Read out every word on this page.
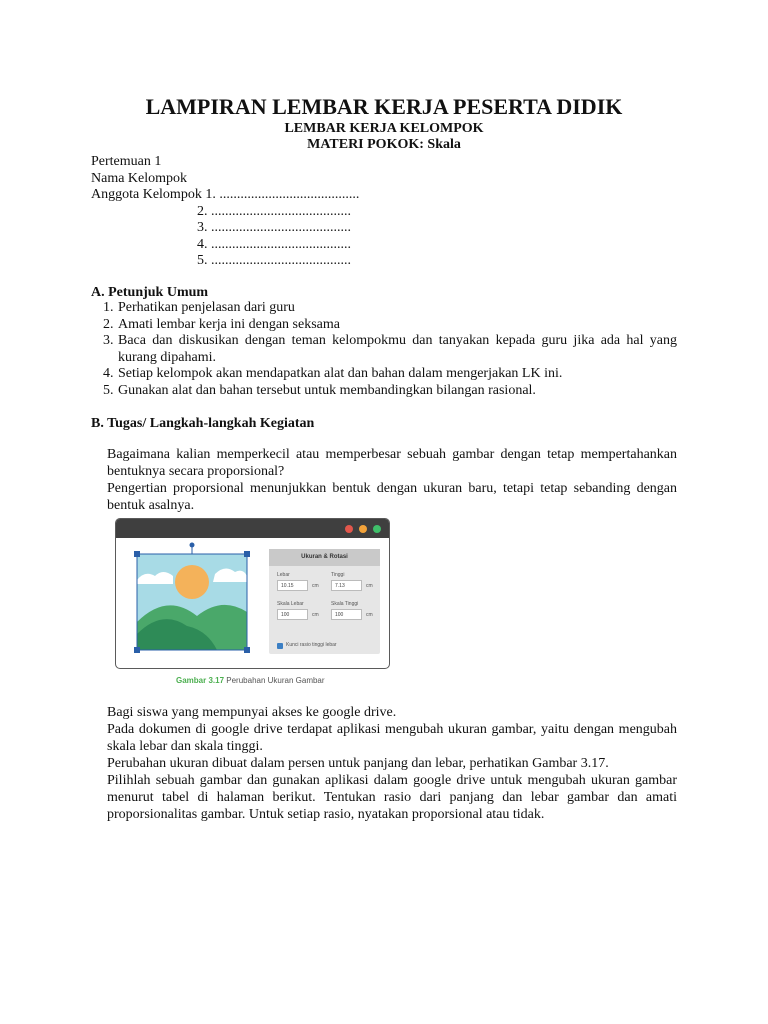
LAMPIRAN LEMBAR KERJA PESERTA DIDIK
LEMBAR KERJA KELOMPOK
MATERI POKOK: Skala
Pertemuan 1
Nama Kelompok
Anggota Kelompok 1. ........................................
2. ........................................
3. ........................................
4. ........................................
5. ........................................
A. Petunjuk Umum
1. Perhatikan penjelasan dari guru
2. Amati lembar kerja ini dengan seksama
3. Baca dan diskusikan dengan teman kelompokmu dan tanyakan kepada guru jika ada hal yang kurang dipahami.
4. Setiap kelompok akan mendapatkan alat dan bahan dalam mengerjakan LK ini.
5. Gunakan alat dan bahan tersebut untuk membandingkan bilangan rasional.
B. Tugas/ Langkah-langkah Kegiatan

Bagaimana kalian memperkecil atau memperbesar sebuah gambar dengan tetap mempertahankan bentuknya secara proporsional?

Pengertian proporsional menunjukkan bentuk dengan ukuran baru, tetapi tetap sebanding dengan bentuk asalnya.

Ukuran & Rotasi
Lebar	Tinggi
10.15	cm	7.13	cm
Skala Lebar	Skala Tinggi
100	cm	100	cm
Kunci rasio tinggi lebar
Gambar 3.17 Perubahan Ukuran Gambar

Bagi siswa yang mempunyai akses ke google drive.

Pada dokumen di google drive terdapat aplikasi mengubah ukuran gambar, yaitu dengan mengubah skala lebar dan skala tinggi.

Perubahan ukuran dibuat dalam persen untuk panjang dan lebar, perhatikan Gambar 3.17.

Pilihlah sebuah gambar dan gunakan aplikasi dalam google drive untuk mengubah ukuran gambar menurut tabel di halaman berikut. Tentukan rasio dari panjang dan lebar gambar dan amati proporsionalitas gambar. Untuk setiap rasio, nyatakan proporsional atau tidak.
